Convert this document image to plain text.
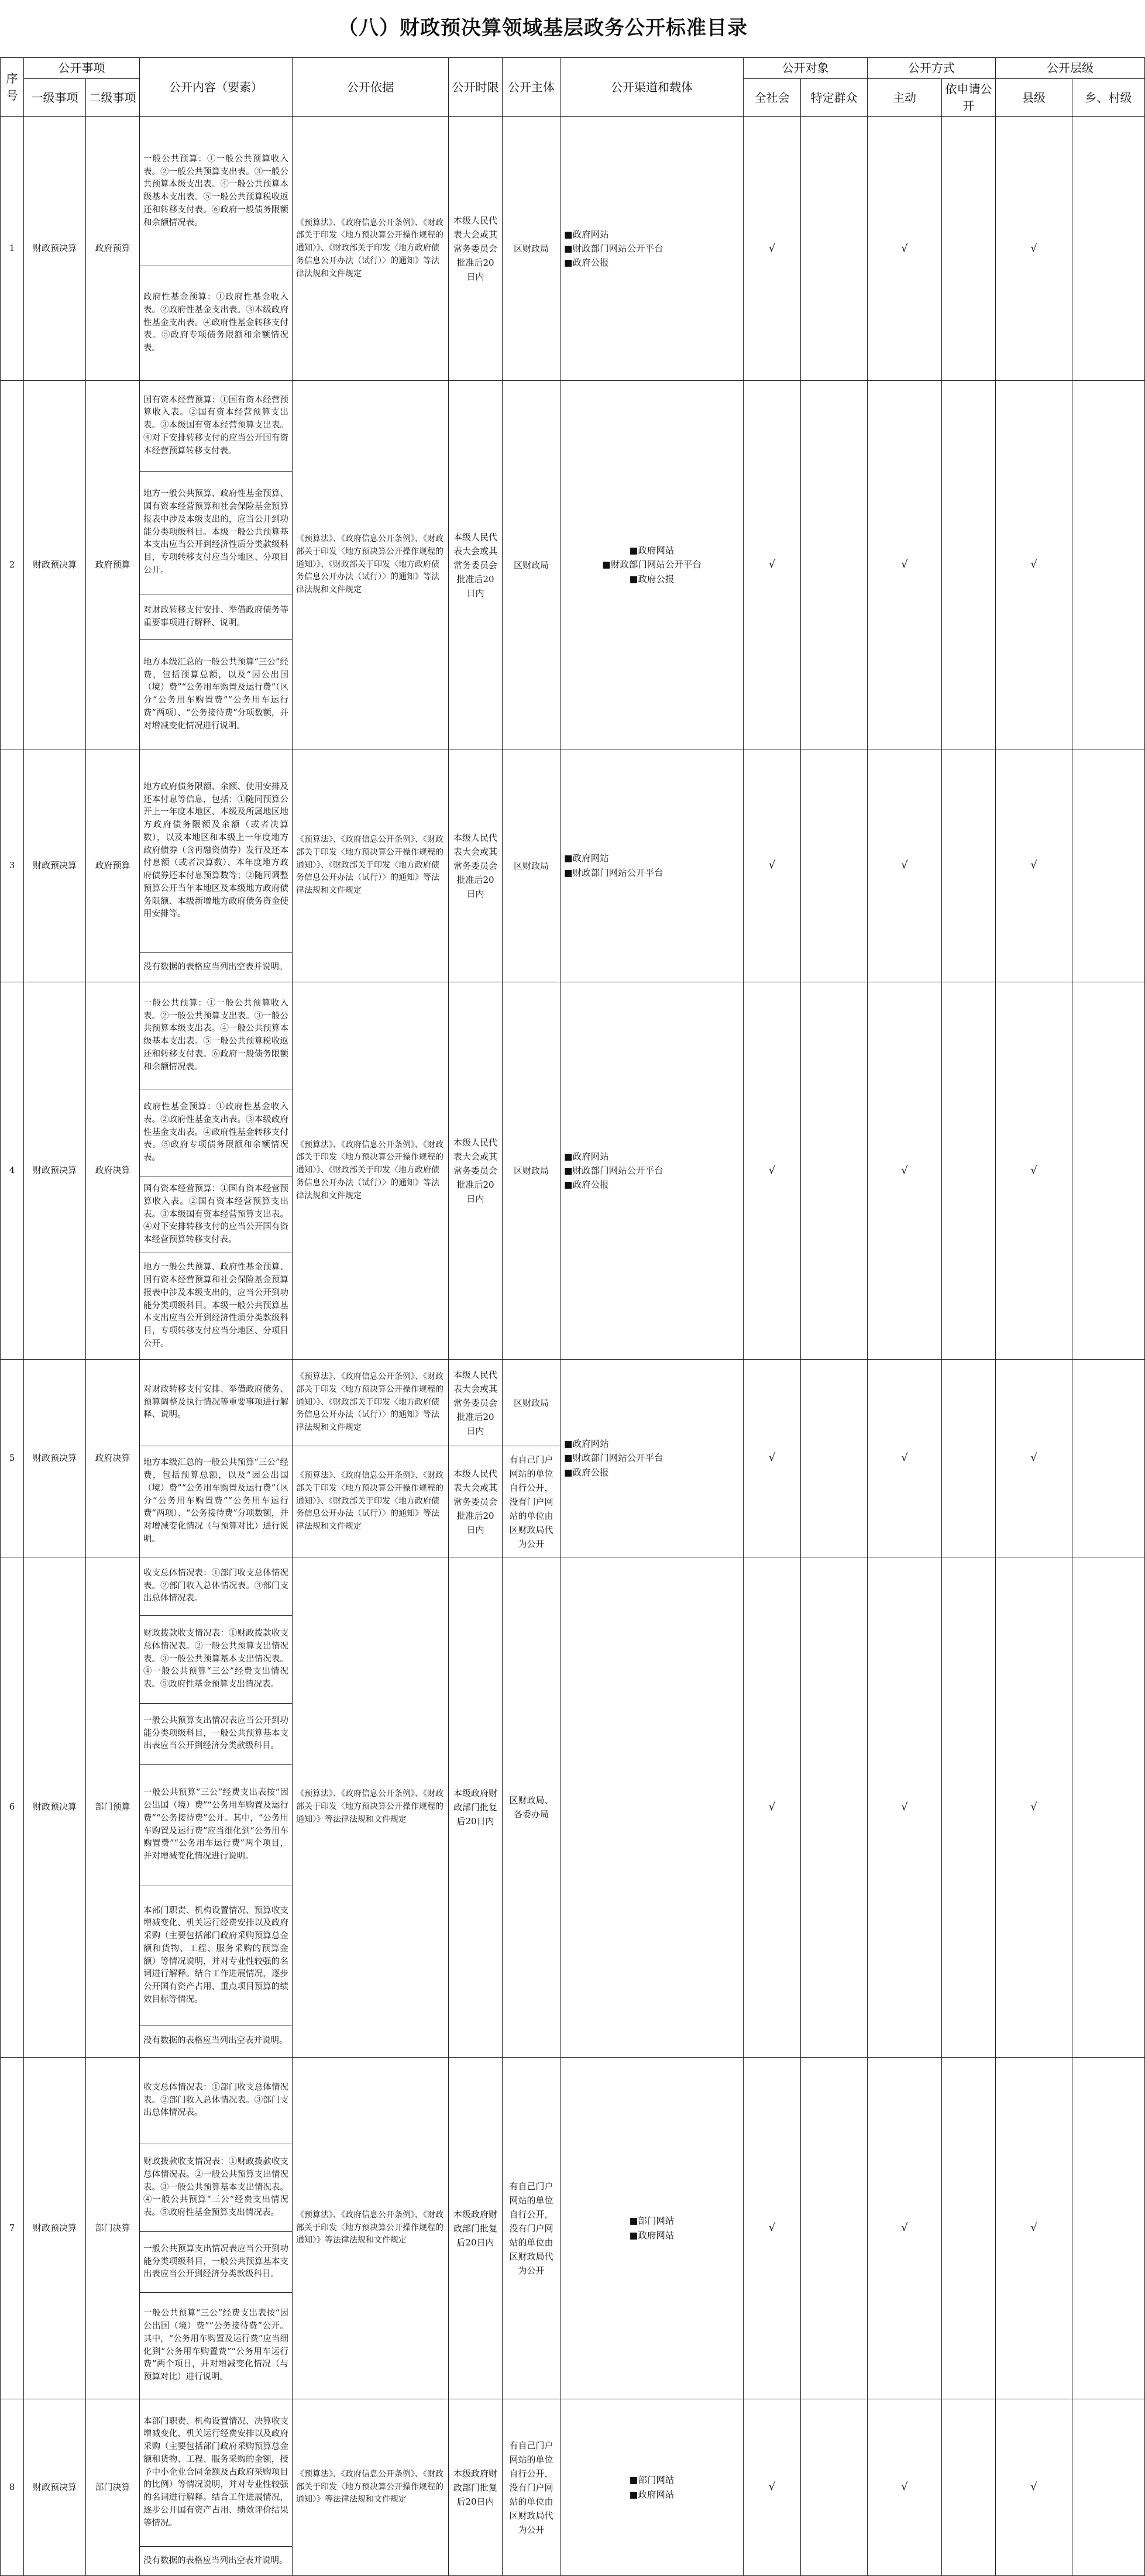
（八）财政预决算领域基层政务公开标准目录
序号	公开事项		公开内容（要素）	公开依据	公开时限	公开主体	公开渠道和载体	公开对象		公开方式		公开层级	
	一级事项	二级事项						全社会	特定群众	主动	依申请公开	县级	乡、村级
1	财政预决算	政府预算	一般公共预算：①一般公共预算收入表。②一般公共预算支出表。③一般公共预算本级支出表。④一般公共预算本级基本支出表。⑤一般公共预算税收返还和转移支付表。⑥政府一般债务限额和余额情况表。	《预算法》、《政府信息公开条例》、《财政部关于印发〈地方预决算公开操作规程的通知〉》、《财政部关于印发〈地方政府债务信息公开办法（试行）〉的通知》等法律法规和文件规定	本级人民代表大会或其常务委员会批准后20日内	区财政局	■政府网站
■财政部门网站公开平台
■政府公报	√		√		√	
			政府性基金预算：①政府性基金收入表。②政府性基金支出表。③本级政府性基金支出表。④政府性基金转移支付表。⑤政府专项债务限额和余额情况表。										
2	财政预决算	政府预算	国有资本经营预算：①国有资本经营预算收入表。②国有资本经营预算支出表。③本级国有资本经营预算支出表。④对下安排转移支付的应当公开国有资本经营预算转移支付表。	《预算法》、《政府信息公开条例》、《财政部关于印发〈地方预决算公开操作规程的通知〉》、《财政部关于印发〈地方政府债务信息公开办法（试行）〉的通知》等法律法规和文件规定	本级人民代表大会或其常务委员会批准后20日内	区财政局	■政府网站
■财政部门网站公开平台
■政府公报	√		√		√	
			地方一般公共预算、政府性基金预算、国有资本经营预算和社会保险基金预算报表中涉及本级支出的，应当公开到功能分类项级科目。本级一般公共预算基本支出应当公开到经济性质分类款级科目，专项转移支付应当分地区、分项目公开。										
			对财政转移支付安排、举借政府债务等重要事项进行解释、说明。										
			地方本级汇总的一般公共预算“三公”经费，包括预算总额，以及“因公出国（境）费”“公务用车购置及运行费”（区分“公务用车购置费”“公务用车运行费”两项）、“公务接待费”分项数额，并对增减变化情况进行说明。										
3	财政预决算	政府预算	地方政府债务限额、余额、使用安排及还本付息等信息，包括：①随同预算公开上一年度本地区、本级及所属地区地方政府债务限额及余额（或者决算数），以及本地区和本级上一年度地方政府债券（含再融资债券）发行及还本付息额（或者决算数）、本年度地方政府债券还本付息预算数等；②随同调整预算公开当年本地区及本级地方政府债务限额、本级新增地方政府债务资金使用安排等。	《预算法》、《政府信息公开条例》、《财政部关于印发〈地方预决算公开操作规程的通知〉》、《财政部关于印发〈地方政府债务信息公开办法（试行）〉的通知》等法律法规和文件规定	本级人民代表大会或其常务委员会批准后20日内	区财政局	■政府网站
■财政部门网站公开平台	√		√		√	
			没有数据的表格应当列出空表并说明。										
4	财政预决算	政府决算	一般公共预算：①一般公共预算收入表。②一般公共预算支出表。③一般公共预算本级支出表。④一般公共预算本级基本支出表。⑤一般公共预算税收返还和转移支付表。⑥政府一般债务限额和余额情况表。	《预算法》、《政府信息公开条例》、《财政部关于印发〈地方预决算公开操作规程的通知〉》、《财政部关于印发〈地方政府债务信息公开办法（试行）〉的通知》等法律法规和文件规定	本级人民代表大会或其常务委员会批准后20日内	区财政局	■政府网站
■财政部门网站公开平台
■政府公报	√		√		√	
			政府性基金预算：①政府性基金收入表。②政府性基金支出表。③本级政府性基金支出表。④政府性基金转移支付表。⑤政府专项债务限额和余额情况表。										
			国有资本经营预算：①国有资本经营预算收入表。②国有资本经营预算支出表。③本级国有资本经营预算支出表。④对下安排转移支付的应当公开国有资本经营预算转移支付表。										
			地方一般公共预算、政府性基金预算、国有资本经营预算和社会保险基金预算报表中涉及本级支出的，应当公开到功能分类项级科目。本级一般公共预算基本支出应当公开到经济性质分类款级科目，专项转移支付应当分地区、分项目公开。										
5	财政预决算	政府决算	对财政转移支付安排、举借政府债务、预算调整及执行情况等重要事项进行解释、说明。	《预算法》、《政府信息公开条例》、《财政部关于印发〈地方预决算公开操作规程的通知〉》、《财政部关于印发〈地方政府债务信息公开办法（试行）〉的通知》等法律法规和文件规定	本级人民代表大会或其常务委员会批准后20日内	区财政局	■政府网站
■财政部门网站公开平台
■政府公报	√		√		√	
			地方本级汇总的一般公共预算“三公”经费，包括预算总额，以及“因公出国（境）费”“公务用车购置及运行费”（区分“公务用车购置费”“公务用车运行费”两项）、“公务接待费”分项数额，并对增减变化情况（与预算对比）进行说明。	《预算法》、《政府信息公开条例》、《财政部关于印发〈地方预决算公开操作规程的通知〉》、《财政部关于印发〈地方政府债务信息公开办法（试行）〉的通知》等法律法规和文件规定	本级人民代表大会或其常务委员会批准后20日内	有自己门户网站的单位自行公开，没有门户网站的单位由区财政局代为公开							
6	财政预决算	部门预算	收支总体情况表：①部门收支总体情况表。②部门收入总体情况表。③部门支出总体情况表。	《预算法》、《政府信息公开条例》、《财政部关于印发〈地方预决算公开操作规程的通知〉》等法律法规和文件规定	本级政府财政部门批复后20日内	区财政局、各委办局		√		√		√	
			财政拨款收支情况表：①财政拨款收支总体情况表。②一般公共预算支出情况表。③一般公共预算基本支出情况表。④一般公共预算“三公”经费支出情况表。⑤政府性基金预算支出情况表。										
			一般公共预算支出情况表应当公开到功能分类项级科目，一般公共预算基本支出表应当公开到经济分类款级科目。										
			一般公共预算“三公”经费支出表按“因公出国（境）费”“公务用车购置及运行费”“公务接待费”公开。其中，“公务用车购置及运行费”应当细化到“公务用车购置费”“公务用车运行费”两个项目，并对增减变化情况进行说明。										
			本部门职责、机构设置情况、预算收支增减变化、机关运行经费安排以及政府采购（主要包括部门政府采购预算总金额和货物、工程、服务采购的预算金额）等情况说明，并对专业性较强的名词进行解释。结合工作进展情况，逐步公开国有资产占用、重点项目预算的绩效目标等情况。										
			没有数据的表格应当列出空表并说明。										
7	财政预决算	部门决算	收支总体情况表：①部门收支总体情况表。②部门收入总体情况表。③部门支出总体情况表。	《预算法》、《政府信息公开条例》、《财政部关于印发〈地方预决算公开操作规程的通知〉》等法律法规和文件规定	本级政府财政部门批复后20日内	有自己门户网站的单位自行公开，没有门户网站的单位由区财政局代为公开	■部门网站
■政府网站	√		√		√	
			财政拨款收支情况表：①财政拨款收支总体情况表。②一般公共预算支出情况表。③一般公共预算基本支出情况表。④一般公共预算“三公”经费支出情况表。⑤政府性基金预算支出情况表。										
			一般公共预算支出情况表应当公开到功能分类项级科目，一般公共预算基本支出表应当公开到经济分类款级科目。										
			一般公共预算“三公”经费支出表按“因公出国（境）费”“公务接待费”公开。其中，“公务用车购置及运行费”应当细化到“公务用车购置费”“公务用车运行费”两个项目，并对增减变化情况（与预算对比）进行说明。										
8	财政预决算	部门决算	本部门职责、机构设置情况、决算收支增减变化、机关运行经费安排以及政府采购（主要包括部门政府采购预算总金额和货物、工程、服务采购的金额，授予中小企业合同金额及占政府采购项目的比例）等情况说明，并对专业性较强的名词进行解释。结合工作进展情况，逐步公开国有资产占用、绩效评价结果等情况。	《预算法》、《政府信息公开条例》、《财政部关于印发〈地方预决算公开操作规程的通知〉》等法律法规和文件规定	本级政府财政部门批复后20日内	有自己门户网站的单位自行公开，没有门户网站的单位由区财政局代为公开	■部门网站
■政府网站	√		√		√	
			没有数据的表格应当列出空表并说明。										
